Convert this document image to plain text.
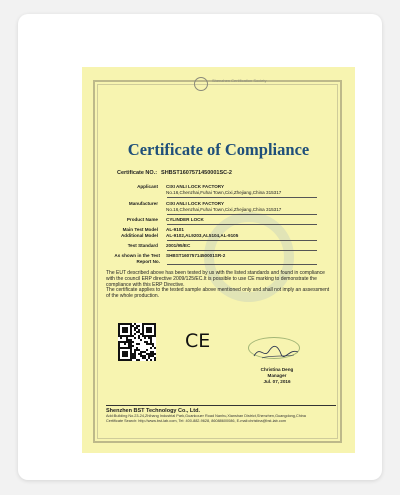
Shenzhen Certification Society
Certificate of Compliance
Certificate NO.: SHBST1607571450001SC-2
Applicant CIXI ANLI LOCK FACTORY
No.16,Chenzhai,Fuhai Town,Cixi,Zhejiang,China 315317
Manufacturer CIXI ANLI LOCK FACTORY
No.16,Chenzhai,Fuhai Town,Cixi,Zhejiang,China 315317
Product Name CYLINDER LOCK
Main Test Model AL-9101
Additional Model AL-9102,AL9203,AL5104,AL-9105
Test Standard 2001/95/EC
As shown in the Test Report No.
SHBST1607571450001SR-2
The EUT described above has been tested by us with the listed standards and found in compliance with the council ERP directive 2009/125/EC.It is possible to use CE marking to demonstrate the compliance with this ERP Directive.
The certificate applies to the tested sample above mentioned only and shall not imply an assessment of the whole production.
CE
Christina Deng
Manager
Jul. 07, 2016
Shenzhen BST Technology Co., Ltd.
Add:Building No.23-24,Zhihang Industrial Park,Guankouer Road Nanhu,Xianshan District,Shenzhen,Guangdong,China
Certificate Search: http://www.bst-lab.com, Tel: 400-882-9628, 86088600086, E-mail:christina@bst-lab.com
